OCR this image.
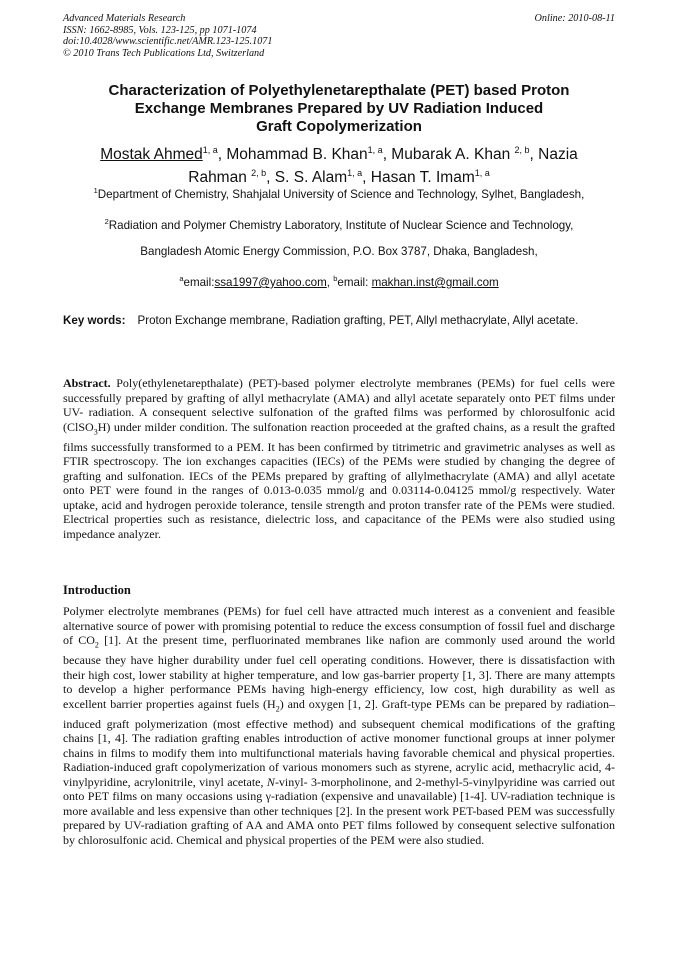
Advanced Materials Research
ISSN: 1662-8985, Vols. 123-125, pp 1071-1074
doi:10.4028/www.scientific.net/AMR.123-125.1071
© 2010 Trans Tech Publications Ltd, Switzerland
Online: 2010-08-11
Characterization of Polyethylenetarepthalate (PET) based Proton
Exchange Membranes Prepared by UV Radiation Induced
Graft Copolymerization
Mostak Ahmed$^{1, a}$, Mohammad B. Khan$^{1, a}$, Mubarak A. Khan $^{2, b}$, Nazia
Rahman $^{2, b}$, S. S. Alam$^{1, a}$, Hasan T. Imam$^{1, a}$
$^1$Department of Chemistry, Shahjalal University of Science and Technology, Sylhet, Bangladesh,
$^2$Radiation and Polymer Chemistry Laboratory, Institute of Nuclear Science and Technology,
Bangladesh Atomic Energy Commission, P.O. Box 3787, Dhaka, Bangladesh,
$^a$email:ssa1997@yahoo.com, $^b$email: makhan.inst@gmail.com
Key words: Proton Exchange membrane, Radiation grafting, PET, Allyl methacrylate, Allyl acetate.
Abstract. Poly(ethylenetarepthalate) (PET)-based polymer electrolyte membranes (PEMs) for fuel cells were successfully prepared by grafting of allyl methacrylate (AMA) and allyl acetate separately onto PET films under UV- radiation. A consequent selective sulfonation of the grafted films was performed by chlorosulfonic acid (ClSO$_3$H) under milder condition. The sulfonation reaction proceeded at the grafted chains, as a result the grafted films successfully transformed to a PEM. It has been confirmed by titrimetric and gravimetric analyses as well as FTIR spectroscopy. The ion exchanges capacities (IECs) of the PEMs were studied by changing the degree of grafting and sulfonation. IECs of the PEMs prepared by grafting of allylmethacrylate (AMA) and allyl acetate onto PET were found in the ranges of 0.013-0.035 mmol/g and 0.03114-0.04125 mmol/g respectively. Water uptake, acid and hydrogen peroxide tolerance, tensile strength and proton transfer rate of the PEMs were studied. Electrical properties such as resistance, dielectric loss, and capacitance of the PEMs were also studied using impedance analyzer.
Introduction
Polymer electrolyte membranes (PEMs) for fuel cell have attracted much interest as a convenient and feasible alternative source of power with promising potential to reduce the excess consumption of fossil fuel and discharge of $CO_2$ [1]. At the present time, perfluorinated membranes like nafion are commonly used around the world because they have higher durability under fuel cell operating conditions. However, there is dissatisfaction with their high cost, lower stability at higher temperature, and low gas-barrier property [1, 3]. There are many attempts to develop a higher performance PEMs having high-energy efficiency, low cost, high durability as well as excellent barrier properties against fuels $(H_2)$ and oxygen [1, 2]. Graft-type PEMs can be prepared by radiation–induced graft polymerization (most effective method) and subsequent chemical modifications of the grafting chains [1, 4]. The radiation grafting enables introduction of active monomer functional groups at inner polymer chains in films to modify them into multifunctional materials having favorable chemical and physical properties. Radiation-induced graft copolymerization of various monomers such as styrene, acrylic acid, methacrylic acid, 4-vinylpyridine, acrylonitrile, vinyl acetate, N-vinyl- 3-morpholinone, and 2-methyl-5-vinylpyridine was carried out onto PET films on many occasions using γ-radiation (expensive and unavailable) [1-4]. UV-radiation technique is more available and less expensive than other techniques [2]. In the present work PET-based PEM was successfully prepared by UV-radiation grafting of AA and AMA onto PET films followed by consequent selective sulfonation by chlorosulfonic acid. Chemical and physical properties of the PEM were also studied.
